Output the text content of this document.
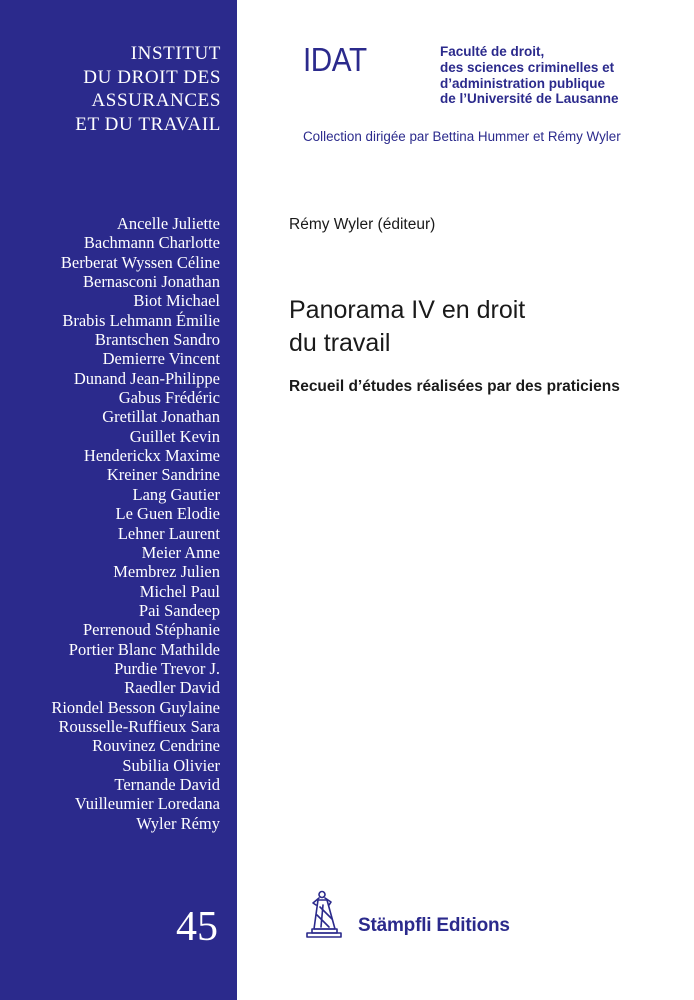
INSTITUT
DU DROIT DES
ASSURANCES
ET DU TRAVAIL
Ancelle Juliette
Bachmann Charlotte
Berberat Wyssen Céline
Bernasconi Jonathan
Biot Michael
Brabis Lehmann Émilie
Brantschen Sandro
Demierre Vincent
Dunand Jean-Philippe
Gabus Frédéric
Gretillat Jonathan
Guillet Kevin
Henderickx Maxime
Kreiner Sandrine
Lang Gautier
Le Guen Elodie
Lehner Laurent
Meier Anne
Membrez Julien
Michel Paul
Pai Sandeep
Perrenoud Stéphanie
Portier Blanc Mathilde
Purdie Trevor J.
Raedler David
Riondel Besson Guylaine
Rousselle-Ruffieux Sara
Rouvinez Cendrine
Subilia Olivier
Ternande David
Vuilleumier Loredana
Wyler Rémy
45
IDAT	Faculté de droit,
des sciences criminelles et
d’administration publique
de l’Université de Lausanne
Collection dirigée par Bettina Hummer et Rémy Wyler
Rémy Wyler (éditeur)
Panorama IV en droit
du travail
Recueil d’études réalisées par des praticiens
Stämpfli Editions
